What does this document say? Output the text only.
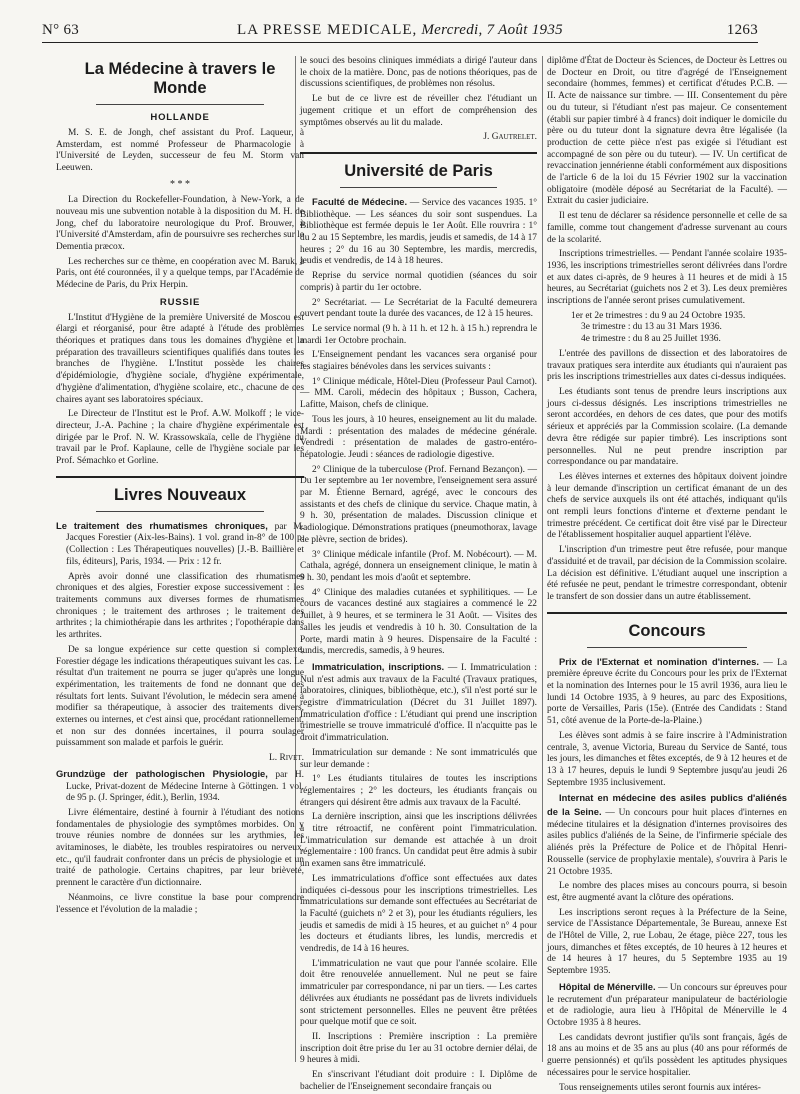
N° 63	LA PRESSE MEDICALE, Mercredi, 7 Août 1935	1263
La Médecine à travers le Monde
HOLLANDE

M. S. E. de Jongh, chef assistant du Prof. Laqueur, à Amsterdam, est nommé Professeur de Pharmacologie à l'Université de Leyden, successeur de feu M. Storm van Leeuwen.

* * *

La Direction du Rockefeller-Foundation, à New-York, a de nouveau mis une subvention notable à la disposition du M. H. de Jong, chef du laboratoire neurologique du Prof. Brouwer, à l'Université d'Amsterdam, afin de poursuivre ses recherches sur le Dementia præcox.

Les recherches sur ce thème, en coopération avec M. Baruk, à Paris, ont été couronnées, il y a quelque temps, par l'Académie de Médecine de Paris, du Prix Herpin.

RUSSIE

L'Institut d'Hygiène de la première Université de Moscou est élargi et réorganisé, pour être adapté à l'étude des problèmes théoriques et pratiques dans tous les domaines d'hygiène et la préparation des travailleurs scientifiques qualifiés dans toutes les branches de l'hygiène. L'Institut possède les chaires d'épidémiologie, d'hygiène sociale, d'hygiène expérimentale, d'hygiène d'alimentation, d'hygiène scolaire, etc., chacune de ces chaires ayant ses laboratoires spéciaux.

Le Directeur de l'Institut est le Prof. A.W. Molkoff ; le vice-directeur, J.-A. Pachine ; la chaire d'hygiène expérimentale est dirigée par le Prof. N. W. Krassowskaïa, celle de l'hygiène du travail par le Prof. Kaplaune, celle de l'hygiène sociale par les Prof. Sémachko et Gorline.

Livres Nouveaux

Le traitement des rhumatismes chroniques, par M. Jacques Forestier (Aix-les-Bains). 1 vol. grand in-8° de 100 p. (Collection : Les Thérapeutiques nouvelles) [J.-B. Baillière et fils, éditeurs], Paris, 1934. — Prix : 12 fr.

Après avoir donné une classification des rhumatismes chroniques et des algies, Forestier expose successivement : les traitements communs aux diverses formes de rhumatismes chroniques ; le traitement des arthroses ; le traitement des arthrites ; la chimiothérapie dans les arthrites ; l'opothérapie dans les arthrites.

De sa longue expérience sur cette question si complexe, Forestier dégage les indications thérapeutiques suivant les cas. Le résultat d'un traitement ne pourra se juger qu'après une longue expérimentation, les traitements de fond ne donnant que des résultats fort lents. Suivant l'évolution, le médecin sera amené à modifier sa thérapeutique, à associer des traitements divers, externes ou internes, et c'est ainsi que, procédant rationnellement, et non sur des données incertaines, il pourra soulager puissamment son malade et parfois le guérir.

L. Rivet.

Grundzüge der pathologischen Physiologie, par H. Lucke, Privat-dozent de Médecine Interne à Göttingen. 1 vol. de 95 p. (J. Springer, édit.), Berlin, 1934.

Livre élémentaire, destiné à fournir à l'étudiant des notions fondamentales de physiologie des symptômes morbides. On y trouve réunies nombre de données sur les arythmies, les avitaminoses, le diabète, les troubles respiratoires ou nerveux, etc., qu'il faudrait confronter dans un précis de physiologie et un traité de pathologie. Certains chapitres, par leur brièveté, prennent le caractère d'un dictionnaire.

Néanmoins, ce livre constitue la base pour comprendre l'essence et l'évolution de la maladie ;

le souci des besoins cliniques immédiats a dirigé l'auteur dans le choix de la matière. Donc, pas de notions théoriques, pas de discussions scientifiques, de problèmes non résolus.

Le but de ce livre est de réveiller chez l'étudiant un jugement critique et un effort de compréhension des symptômes observés au lit du malade.

J. Gautrelet.

Université de Paris

Faculté de Médecine. — Service des vacances 1935. 1° Bibliothèque. — Les séances du soir sont suspendues. La Bibliothèque est fermée depuis le 1er Août. Elle rouvrira : 1° du 2 au 15 Septembre, les mardis, jeudis et samedis, de 14 à 17 heures ; 2° du 16 au 30 Septembre, les mardis, mercredis, jeudis et vendredis, de 14 à 18 heures.

Reprise du service normal quotidien (séances du soir compris) à partir du 1er octobre.

2° Secrétariat. — Le Secrétariat de la Faculté demeurera ouvert pendant toute la durée des vacances, de 12 à 15 heures.

Le service normal (9 h. à 11 h. et 12 h. à 15 h.) reprendra le mardi 1er Octobre prochain.

L'Enseignement pendant les vacances sera organisé pour les stagiaires bénévoles dans les services suivants :

1° Clinique médicale, Hôtel-Dieu (Professeur Paul Carnot). — MM. Caroli, médecin des hôpitaux ; Busson, Cachera, Lafitte, Maison, chefs de clinique.

Tous les jours, à 10 heures, enseignement au lit du malade. Mardi : présentation des malades de médecine générale. Vendredi : présentation de malades de gastro-entéro-hépatologie. Jeudi : séances de radiologie digestive.

2° Clinique de la tuberculose (Prof. Fernand Bezançon). — Du 1er septembre au 1er novembre, l'enseignement sera assuré par M. Étienne Bernard, agrégé, avec le concours des assistants et des chefs de clinique du service. Chaque matin, à 9 h. 30, présentation de malades. Discussion clinique et radiologique. Démonstrations pratiques (pneumothorax, lavage de plèvre, section de brides).

3° Clinique médicale infantile (Prof. M. Nobécourt). — M. Cathala, agrégé, donnera un enseignement clinique, le matin à 9 h. 30, pendant les mois d'août et septembre.

4° Clinique des maladies cutanées et syphilitiques. — Le cours de vacances destiné aux stagiaires a commencé le 22 Juillet, à 9 heures, et se terminera le 31 Août. — Visites des salles les jeudis et vendredis à 10 h. 30. Consultation de la Porte, mardi matin à 9 heures. Dispensaire de la Faculté : lundis, mercredis, samedis, à 9 heures.

Immatriculation, inscriptions. — I. Immatriculation : Nul n'est admis aux travaux de la Faculté (Travaux pratiques, laboratoires, cliniques, bibliothèque, etc.), s'il n'est porté sur le registre d'immatriculation (Décret du 31 Juillet 1897). Immatriculation d'office : L'étudiant qui prend une inscription trimestrielle se trouve immatriculé d'office. Il n'acquitte pas le droit d'immatriculation.

Immatriculation sur demande : Ne sont immatriculés que sur leur demande :

1° Les étudiants titulaires de toutes les inscriptions réglementaires ; 2° les docteurs, les étudiants français ou étrangers qui désirent être admis aux travaux de la Faculté.

La dernière inscription, ainsi que les inscriptions délivrées à titre rétroactif, ne confèrent point l'immatriculation. L'immatriculation sur demande est attachée à un droit réglementaire : 100 francs. Un candidat peut être admis à subir un examen sans être immatriculé.

Les immatriculations d'office sont effectuées aux dates indiquées ci-dessous pour les inscriptions trimestrielles. Les immatriculations sur demande sont effectuées au Secrétariat de la Faculté (guichets n° 2 et 3), pour les étudiants réguliers, les jeudis et samedis de midi à 15 heures, et au guichet n° 4 pour les docteurs et étudiants libres, les lundis, mercredis et vendredis, de 14 à 16 heures.

L'immatriculation ne vaut que pour l'année scolaire. Elle doit être renouvelée annuellement. Nul ne peut se faire immatriculer par correspondance, ni par un tiers. — Les cartes délivrées aux étudiants ne possédant pas de livrets individuels sont strictement personnelles. Elles ne peuvent être prêtées pour quelque motif que ce soit.

II. Inscriptions : Première inscription : La première inscription doit être prise du 1er au 31 octobre dernier délai, de 9 heures à midi.

En s'inscrivant l'étudiant doit produire : I. Diplôme de bachelier de l'Enseignement secondaire français ou

diplôme d'État de Docteur ès Sciences, de Docteur ès Lettres ou de Docteur en Droit, ou titre d'agrégé de l'Enseignement secondaire (hommes, femmes) et certificat d'études P.C.B. — II. Acte de naissance sur timbre. — III. Consentement du père ou du tuteur, si l'étudiant n'est pas majeur. Ce consentement (établi sur papier timbré à 4 francs) doit indiquer le domicile du père ou du tuteur dont la signature devra être légalisée (la production de cette pièce n'est pas exigée si l'étudiant est accompagné de son père ou du tuteur). — IV. Un certificat de revaccination jennérienne établi conformément aux dispositions de l'article 6 de la loi du 15 Février 1902 sur la vaccination obligatoire (modèle déposé au Secrétariat de la Faculté). — Extrait du casier judiciaire.

Il est tenu de déclarer sa résidence personnelle et celle de sa famille, comme tout changement d'adresse survenant au cours de la scolarité.

Inscriptions trimestrielles. — Pendant l'année scolaire 1935-1936, les inscriptions trimestrielles seront délivrées dans l'ordre et aux dates ci-après, de 9 heures à 11 heures et de midi à 15 heures, au Secrétariat (guichets nos 2 et 3). Les deux premières inscriptions de l'année seront prises cumulativement.

1er et 2e trimestres : du 9 au 24 Octobre 1935.

3e trimestre : du 13 au 31 Mars 1936.

4e trimestre : du 8 au 25 Juillet 1936.

L'entrée des pavillons de dissection et des laboratoires de travaux pratiques sera interdite aux étudiants qui n'auraient pas pris les inscriptions trimestrielles aux dates ci-dessus indiquées.

Les étudiants sont tenus de prendre leurs inscriptions aux jours ci-dessus désignés. Les inscriptions trimestrielles ne seront accordées, en dehors de ces dates, que pour des motifs sérieux et appréciés par la Commission scolaire. (La demande devra être rédigée sur papier timbré). Les inscriptions sont personnelles. Nul ne peut prendre inscription par correspondance ou par mandataire.

Les élèves internes et externes des hôpitaux doivent joindre à leur demande d'inscription un certificat émanant de un des chefs de service auxquels ils ont été attachés, indiquant qu'ils ont rempli leurs fonctions d'interne et d'externe pendant le trimestre précédent. Ce certificat doit être visé par le Directeur de l'établissement hospitalier auquel appartient l'élève.

L'inscription d'un trimestre peut être refusée, pour manque d'assiduité et de travail, par décision de la Commission scolaire. La décision est définitive. L'étudiant auquel une inscription a été refusée ne peut, pendant le trimestre correspondant, obtenir le transfert de son dossier dans un autre établissement.

Concours

Prix de l'Externat et nomination d'internes. — La première épreuve écrite du Concours pour les prix de l'Externat et la nomination des Internes pour le 15 avril 1936, aura lieu le lundi 14 Octobre 1935, à 9 heures, au parc des Expositions, porte de Versailles, Paris (15e). (Entrée des Candidats : Stand 51, côté avenue de la Porte-de-la-Plaine.)

Les élèves sont admis à se faire inscrire à l'Administration centrale, 3, avenue Victoria, Bureau du Service de Santé, tous les jours, les dimanches et fêtes exceptés, de 9 à 12 heures et de 13 à 17 heures, depuis le lundi 9 Septembre jusqu'au jeudi 26 Septembre 1935 inclusivement.

Internat en médecine des asiles publics d'aliénés de la Seine. — Un concours pour huit places d'internes en médecine titulaires et la désignation d'internes provisoires des asiles publics d'aliénés de la Seine, de l'infirmerie spéciale des aliénés près la Préfecture de Police et de l'hôpital Henri-Rousselle (service de prophylaxie mentale), s'ouvrira à Paris le 21 Octobre 1935.

Le nombre des places mises au concours pourra, si besoin est, être augmenté avant la clôture des opérations.

Les inscriptions seront reçues à la Préfecture de la Seine, service de l'Assistance Départementale, 3e Bureau, annexe Est de l'Hôtel de Ville, 2, rue Lobau, 2e étage, pièce 227, tous les jours, dimanches et fêtes exceptés, de 10 heures à 12 heures et de 14 heures à 17 heures, du 5 Septembre 1935 au 19 Septembre 1935.

Hôpital de Ménerville. — Un concours sur épreuves pour le recrutement d'un préparateur manipulateur de bactériologie et de radiologie, aura lieu à l'Hôpital de Ménerville le 4 Octobre 1935 à 8 heures.

Les candidats devront justifier qu'ils sont français, âgés de 18 ans au moins et de 35 ans au plus (40 ans pour réformés de guerre pensionnés) et qu'ils possèdent les aptitudes physiques nécessaires pour le service hospitalier.

Tous renseignements utiles seront fournis aux intéres-
